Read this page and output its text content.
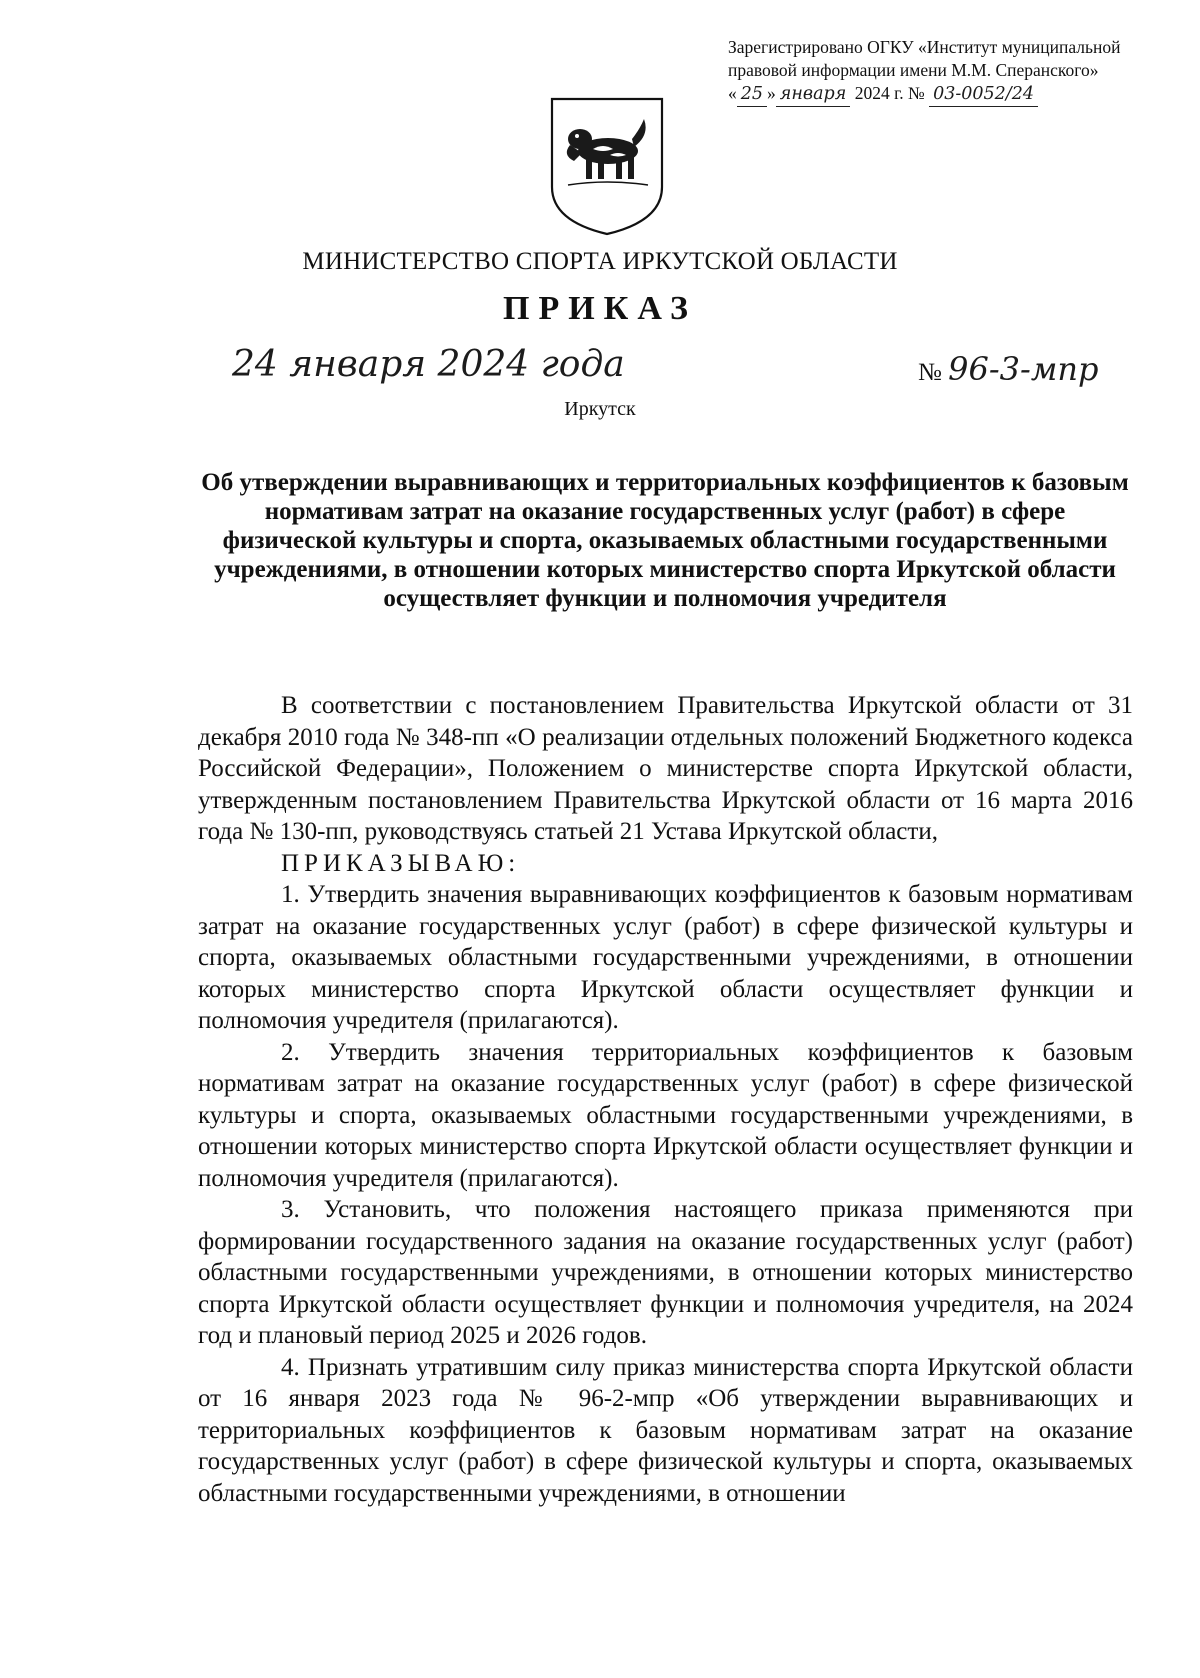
Зарегистрировано ОГКУ «Институт муниципальной
правовой информации имени М.М. Сперанского»
« 25 » января 2024 г. № 03-0052/24
МИНИСТЕРСТВО СПОРТА ИРКУТСКОЙ ОБЛАСТИ
ПРИКАЗ
24 января 2024 года	№ 96-3-мпр
Иркутск
Об утверждении выравнивающих и территориальных коэффициентов к базовым нормативам затрат на оказание государственных услуг (работ) в сфере физической культуры и спорта, оказываемых областными государственными учреждениями, в отношении которых министерство спорта Иркутской области осуществляет функции и полномочия учредителя

В соответствии с постановлением Правительства Иркутской области от 31 декабря 2010 года № 348-пп «О реализации отдельных положений Бюджетного кодекса Российской Федерации», Положением о министерстве спорта Иркутской области, утвержденным постановлением Правительства Иркутской области от 16 марта 2016 года № 130-пп, руководствуясь статьей 21 Устава Иркутской области,

ПРИКАЗЫВАЮ:

1. Утвердить значения выравнивающих коэффициентов к базовым нормативам затрат на оказание государственных услуг (работ) в сфере физической культуры и спорта, оказываемых областными государственными учреждениями, в отношении которых министерство спорта Иркутской области осуществляет функции и полномочия учредителя (прилагаются).

2. Утвердить значения территориальных коэффициентов к базовым нормативам затрат на оказание государственных услуг (работ) в сфере физической культуры и спорта, оказываемых областными государственными учреждениями, в отношении которых министерство спорта Иркутской области осуществляет функции и полномочия учредителя (прилагаются).

3. Установить, что положения настоящего приказа применяются при формировании государственного задания на оказание государственных услуг (работ) областными государственными учреждениями, в отношении которых министерство спорта Иркутской области осуществляет функции и полномочия учредителя, на 2024 год и плановый период 2025 и 2026 годов.

4. Признать утратившим силу приказ министерства спорта Иркутской области от 16 января 2023 года № 96-2-мпр «Об утверждении выравнивающих и территориальных коэффициентов к базовым нормативам затрат на оказание государственных услуг (работ) в сфере физической культуры и спорта, оказываемых областными государственными учреждениями, в отношении
